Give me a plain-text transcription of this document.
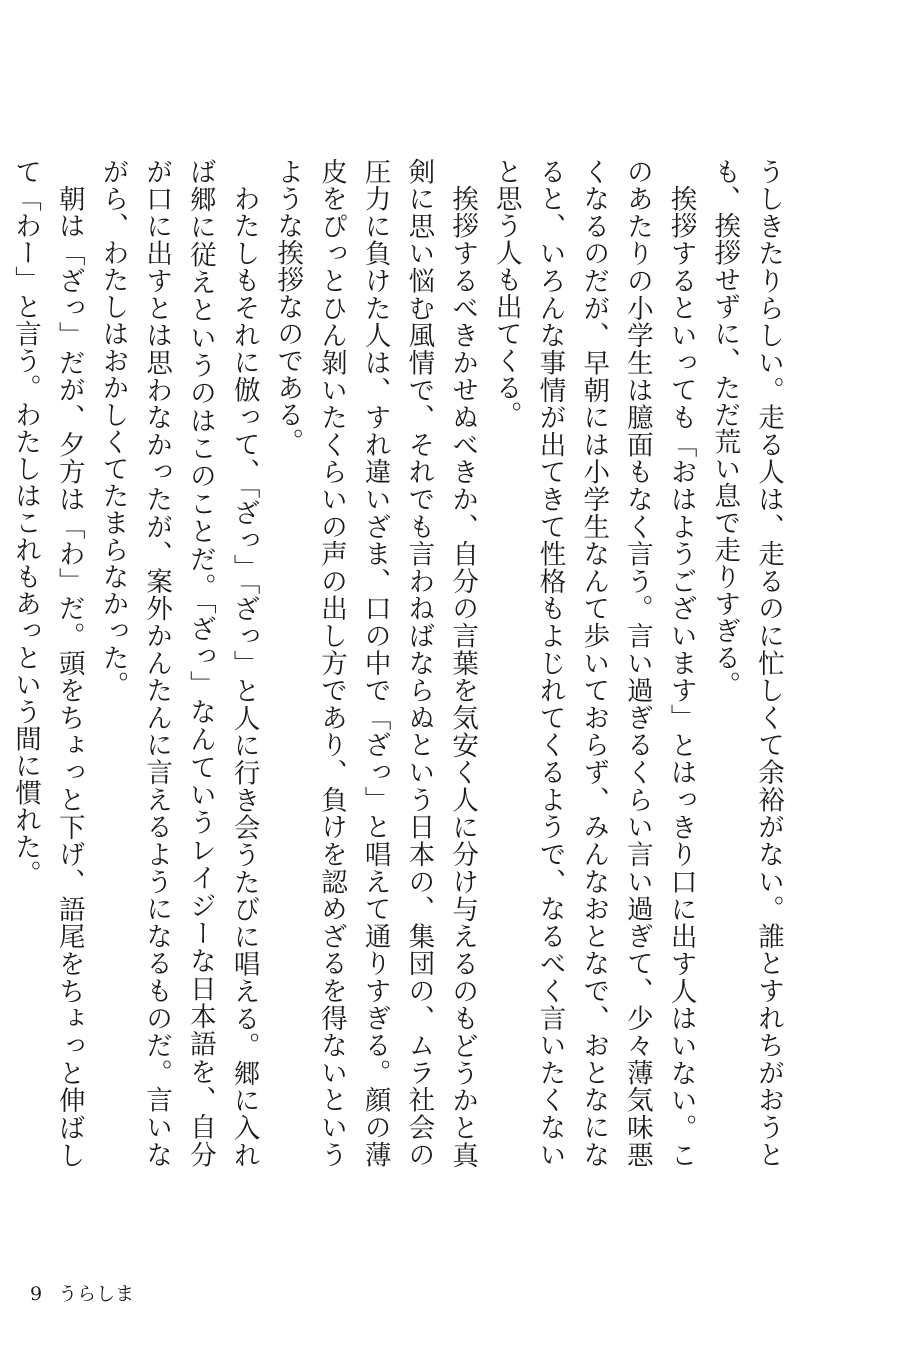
うしきたりらしい。走る人は、走るのに忙しくて余裕がない。誰とすれちがおうとも、挨拶せずに、ただ荒い息で走りすぎる。

挨拶するといっても「おはようございます」とはっきり口に出す人はいない。このあたりの小学生は臆面もなく言う。言い過ぎるくらい言い過ぎて、少々薄気味悪くなるのだが、早朝には小学生なんて歩いておらず、みんなおとなで、おとなになると、いろんな事情が出てきて性格もよじれてくるようで、なるべく言いたくないと思う人も出てくる。

挨拶するべきかせぬべきか、自分の言葉を気安く人に分け与えるのもどうかと真剣に思い悩む風情で、それでも言わねばならぬという日本の、集団の、ムラ社会の圧力に負けた人は、すれ違いざま、口の中で「ざっ」と唱えて通りすぎる。顔の薄皮をぴっとひん剝いたくらいの声の出し方であり、負けを認めざるを得ないというような挨拶なのである。

わたしもそれに倣って、「ざっ」「ざっ」と人に行き会うたびに唱える。郷に入れば郷に従えというのはこのことだ。「ざっ」なんていうレイジーな日本語を、自分が口に出すとは思わなかったが、案外かんたんに言えるようになるものだ。言いながら、わたしはおかしくてたまらなかった。

朝は「ざっ」だが、夕方は「わ」だ。頭をちょっと下げ、語尾をちょっと伸ばして「わー」と言う。わたしはこれもあっという間に慣れた。

9 うらしま
